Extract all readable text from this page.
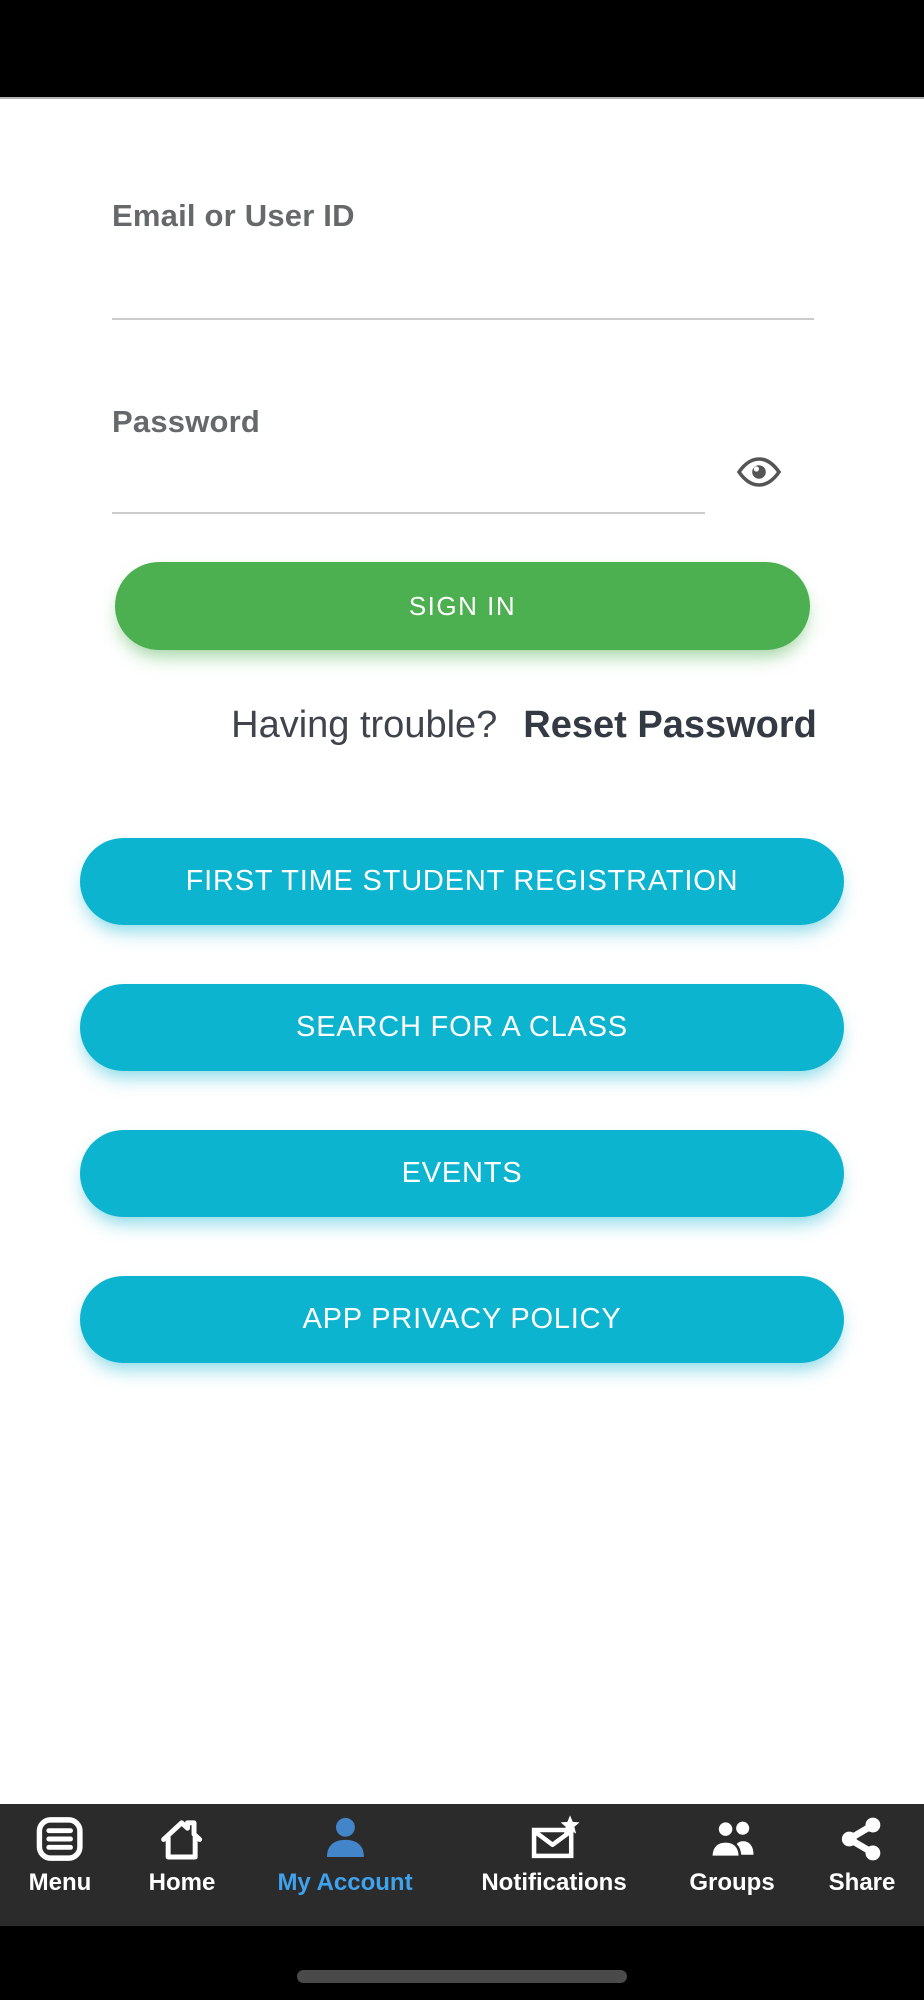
Email or User ID
Password
SIGN IN
Having trouble? Reset Password
FIRST TIME STUDENT REGISTRATION
SEARCH FOR A CLASS
EVENTS
APP PRIVACY POLICY
Menu Home	My Account	Notifications	Groups Share
